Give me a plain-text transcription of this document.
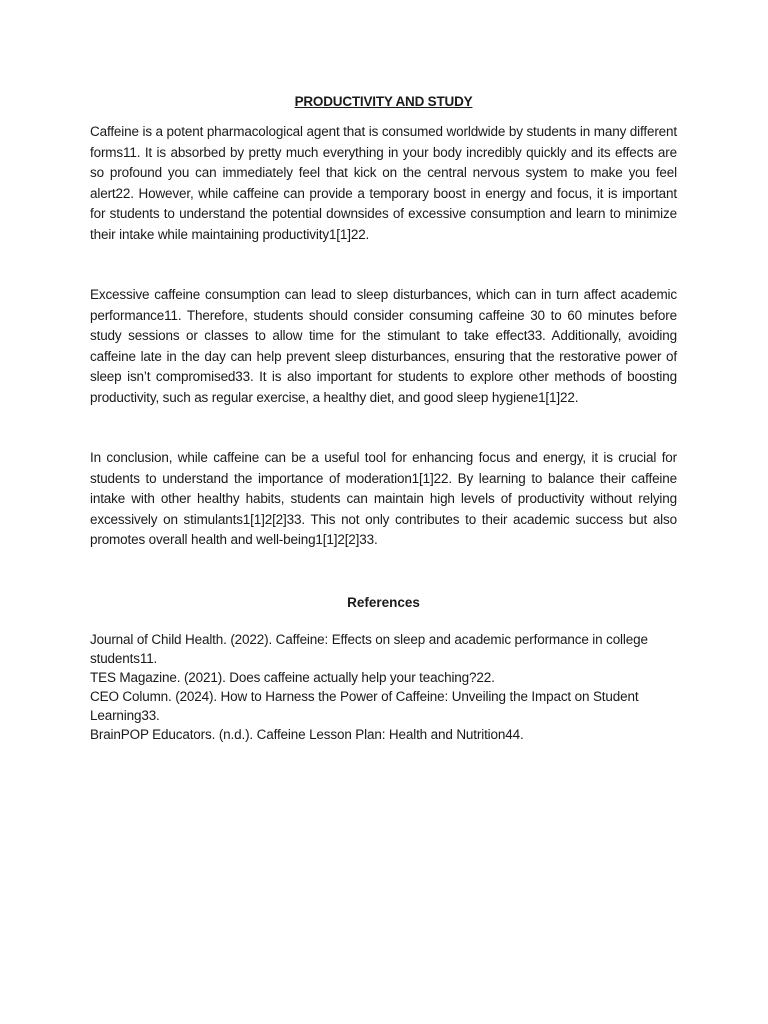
PRODUCTIVITY AND STUDY

Caffeine is a potent pharmacological agent that is consumed worldwide by students in many different forms11. It is absorbed by pretty much everything in your body incredibly quickly and its effects are so profound you can immediately feel that kick on the central nervous system to make you feel alert22. However, while caffeine can provide a temporary boost in energy and focus, it is important for students to understand the potential downsides of excessive consumption and learn to minimize their intake while maintaining productivity1[1]22.

Excessive caffeine consumption can lead to sleep disturbances, which can in turn affect academic performance11. Therefore, students should consider consuming caffeine 30 to 60 minutes before study sessions or classes to allow time for the stimulant to take effect33. Additionally, avoiding caffeine late in the day can help prevent sleep disturbances, ensuring that the restorative power of sleep isn’t compromised33. It is also important for students to explore other methods of boosting productivity, such as regular exercise, a healthy diet, and good sleep hygiene1[1]22.

In conclusion, while caffeine can be a useful tool for enhancing focus and energy, it is crucial for students to understand the importance of moderation1[1]22. By learning to balance their caffeine intake with other healthy habits, students can maintain high levels of productivity without relying excessively on stimulants1[1]2[2]33. This not only contributes to their academic success but also promotes overall health and well-being1[1]2[2]33.

References
Journal of Child Health. (2022). Caffeine: Effects on sleep and academic performance in college students11.
TES Magazine. (2021). Does caffeine actually help your teaching?22.
CEO Column. (2024). How to Harness the Power of Caffeine: Unveiling the Impact on Student Learning33.
BrainPOP Educators. (n.d.). Caffeine Lesson Plan: Health and Nutrition44.
